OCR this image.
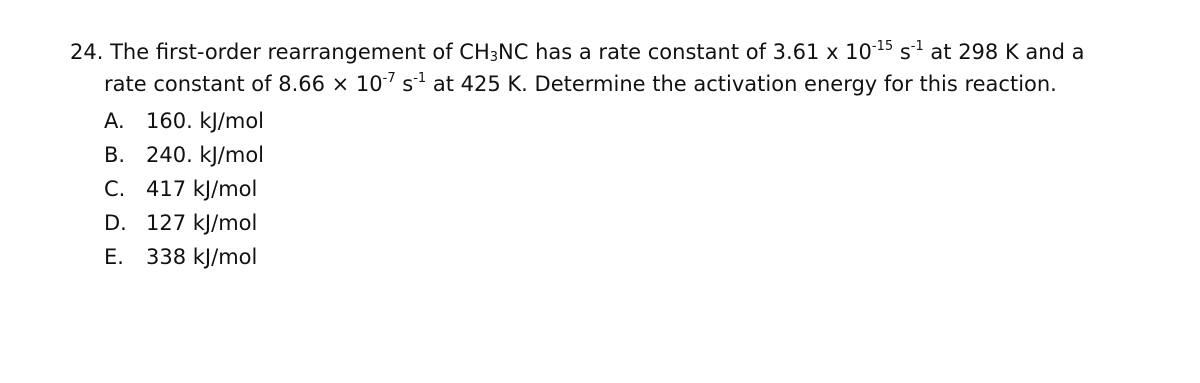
24. The first-order rearrangement of $CH_3NC$ has a rate constant of 3.61 x $10^{-15}$ $s^{-1}$ at 298 K and a
rate constant of $8.66 \times 10^{-7}$ $s^{-1}$ at 425 K. Determine the activation energy for this reaction.
A. 160. kJ/mol
B. 240. kJ/mol
C. 417 kJ/mol
D. 127 kJ/mol
E. 338 kJ/mol
